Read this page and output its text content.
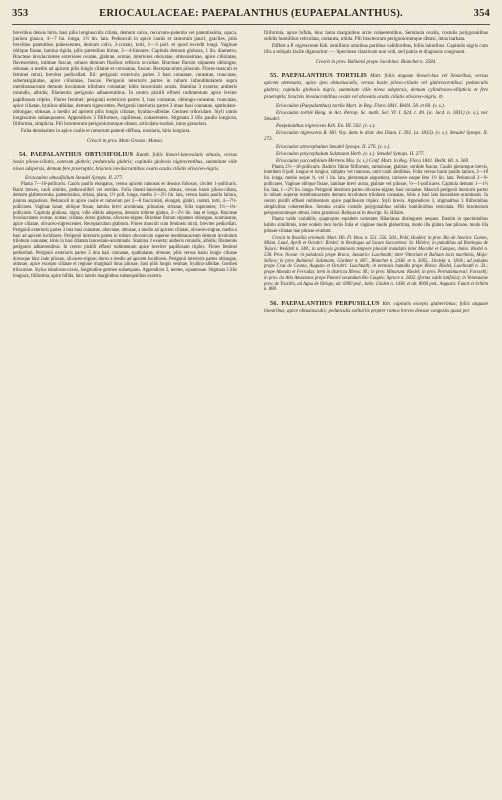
353	ERIOCAULACEAE: PAEPALANTHUS (EUPAEPALANTHUS).	354

breviibus densis hirta, basi pilis longiusculis ciliata, demum calva, recurvato-patentia vel patentissima, opaca, juniora glauca, 4—7 lin. longa, 1½ lin. lata. Pedunculi in apice caulis et ramorum pauci, graciles, pilis brevibus patentibus pubescentes, demum calvi, 3-costati, torti, 1—3 poll. et quod excedit longi. Vaginae oblique fissae, lamina rigida, pilis patentibus hirtae, 3—4-lineares. Capitula demum globosa, 1 lin. diametro. Bracteae involucrantes exteriores ovatae, glabrae, acutae, interiores obovatae, obtusissimae, apice ciliolatae, flavescentes, intimae fuscae, omnes demum floribus reflexis occultae. Bracteae florum stipantes oblongae, obtusae, a medio ad apicem pilis longis ciliatae et coronatae, fuscae. Receptaculum pilosum. Flores masculi et feminei mixti, breviter pedicellati. Ilii: perigonii exterioris partes 3 basi connatae, cuneatae, truncatae, subemarginatae, apice ciliolatae, fuscae. Perigonii interioris partes in tubum infundibularem supra membranaceum demum involutum trilobum connatae; lobis lanceolatis acutis. Stamina 3 exserta; antheris rotundis, albidis; filamentis perigonio adhaerentibus. In centro pistilli effoeti rudimentum apice leviter papillosum triplex. Flores feminei: perigonii exterioris partes 3, basi connatae, oblongo-cuneatae, truncatae, apice ciliatae, hyalino-albidae, demum rigescentes. Perigonii interioris partes 3 imae basi connatae, spathulato-oblongae, obtusae, a medio ad apicem pilis longis ciliatae, hyalino-albidae. Germen triloculare. Styli ramis longissimis subaequantes. Appendices 3 filiformes, capillosae, cohaerentes. Stigmata 3 illis paullo longiora, filiformia, simplicia. Pili bracteorum perigoniorumque obtusi, articulato-nodosi, intus granulosi.

Folia densissime in apice caulis et ramorum patenti-diffusa, rosulatis, biris longiora.

Crescit in prov. Mato Grosso: Manso.

54. PAEPALANTHUS OBTUSIFOLIUS Kunth. foliis lineari-lanceolatis obtusis, versus basin piloso-ciliatis, caterum glabris; pedunculis glabris; capitulis globosis nigrescentibus, summitate ville nivea adspersis, demum fere praeruptis; bracteis involucrantibus ovatis acutis ciliatis olivaceo-nigris.

Eriocaulon obtusifolium Steudel Synops. II. 277.

Planta 7—10-pollicaris. Caulis paullo elongatus, versus apicem ramosus et densius foliosus, circiter 1-pollicaris. Rami breves, cauli similes, pedunculiferi vel steriles. Folia lineari-lanceolata, obtusa, versus basin piloso-ciliata, demum glabrescentia, patentissima, striata, plana, 1½ poll. longa, medio 2—2½ lin. lata, versus basin paullo latiora, juniora angustiora. Pedunculi in apice caulis et ramorum per 2—8 fasciculati, elongati, glabri, costati, torti, 4—7½-pollicares. Vaginae laxae, oblique fissae, lamina brevi acuminata, pilosulae, striatae, folia superantes, 1½—1¾-pollicares. Capitula globosa, nigra, ville albido adspersa, demum inferne glabra, 2—2½ lin. lata et longa. Bracteae involucrantes ovatae, acutae, ciliatae, dorso glabrae, olivaceo-nigrae. Bracteae florum stipantes oblongae, acuminatae, apice ciliatae, olivaceo-nigrescentes. Receptaculum glabrum. Flores masculi cum femineis mixti, breviter pedicellati. Perigonii exterioris partes 3 ima basi connatae, obovatae, obtusae, a medio ad apicem ciliatae, olivaceo-nigrae, media a basi ad apicem lucidiores. Perigonii interioris partes in tubum obconicum superne membranaceum demum involutum trilobum connatae; lobis in basi dilatata lanceolato-acuminatis. Stamina 3 exserta; antheris rotundis, albidis; filamentis perigonio adhaerentibus. In centro pistilli effoeti rudimentum apice breviter papillosum triplex. Flores feminei pedicellati. Perigonii exterioris partes 3 ima basi connatae, spathulatae, obtusae, pilis versus basin longis ciliatae dorsoque hinc inde pilosae, olivaceo-nigrae; dorso a medio ad apicem lucidiores. Perigonii interioris partes oblongae, obtusae, apice excepto ciliatae et regione marginali intus pilosae, basi pilis longis vestitae, hyalino-albidae. Germen triloculare. Stylus tubulosus-cavus, longitudine germen subaequans. Appendices 3, teretes, squamosae. Stigmata 3 illis longiora, filiformia, apice bifida, hinc lateris marginibus subaequalibus exserta.

filiformia, apice bifida, hinc lanta marginibus arcte cohaerentibus. Seminula ovalia, costulis polygonalibus solidis humilibus reticulata, castanea, nitida. Pili bracteorum perigoniorumque obtusi, intus barbata.

Differt a P. nigrescente Kth. simillimo omnibus partibus validioribus, foliis latioribus. Capitulis nigris cum illis a reliquis facile dignoscitur. — Specimen classicum non vidi, sed patria et diagnosis congruunt.

Crescit in prov. Bahiensi prope Jacobina: Blanchet n. 3584.

55. PAEPALANTHUS TORTILIS Mart. foliis anguste lineari-bus vel linearibus, versus apicem attenuatis, apice ipso obtusiusculis, versus basin piloso-ciliatis vel glabrescentibus; pedunculis glabris; capitulis globosis nigris, summitate ville nivea adspersis, demum cylindraceo-ellipticis et fere praeruptis; bracteis involucrantibus ovatis vel obovatis acutis ciliatis olivaceo-nigris. ⊙

Eriocaulon (Paepalanthus) tortile Mart. in Reg. Flora 1841. Beibl. 58. et 60. (v. s.).

Eriocaulon tortile Bong. in Act. Petrop. Sc. math. Ser. VI. I. 624. t. 49. (ic. incd. n. 1831) (v. s.), nec Steudel.

Paepalanthus nigrescens Kth. En. III. 502. (v. s.).

Eriocaulon nigrescens R. Hil. Voy. dans le distr. des Diam. I. 392. (a. 1833). (v. s.). Steudel Synops. II. 273.

Eriocaulon atrocephalum Steudel Synops. II. 276. (v. s.).

Eriocaulon polycephalum Salzmann Herb. (v. s.). Steudel Synops. II. 277.

Eriocaulon yuccaefolium Mertens Mss. (v. s.) Conf. Mart. in Reg. Flora 1841. Beibl. 60. n. 560.

Planta 2½—10-pollicaris. Radicis fibrae filiformes, ramulosae, glabrae, sordide fuscae. Caulis plerumque brevis, interdum 8 poll. longus et longior, simplex vel ramosus, rami cauli similibus. Folia versus basin paullo latiora, 2—18 lin. longa, medio usque ⅓, vel 1 lin. lata, plerumque angustiora, rariusve usque fere 1½ lin. lata. Pedunculi 2—9-pollicares. Vaginae oblique fissae, laminae brevi acuta, glabrae vel pilosae, ½—1-pollicares. Capitula demum 1—1½ lin. lata, 1—2½ lin. longa. Perigonii interioris partes olivaceo-nigrae, basi connatae. Masculi perigonii interioris partes in tubum superne membranaceum demum involutum trilobum connatae, lobis e basi lata lanceolato-acuminatis. In centro pistilli effoeti rudimentum apice papillosum triplex. Styli brevis. Appendices 3, stigmatibus 3 filiformibus simplicibus coherentibus. Semina ovalia costulis polygonalibus solidis humilioribus reticulata. Pili bracteorum perigoniorumque obtusi, intus granulosi. Reliqua ut in descript. St. Hilaire.

Planta valde variabilis, quapropter equidem varietates Hilarianas distinguere nequeo. Etenim in speciminibus habitu simillimis, inter eodem loco lectis folia et vaginae modo glaberrima, modo illa glabra hae pilosae, modo illa pilosae-ciliatae hae pilosae evadunt.

Crescit in Brasilia orientali: Mart. Hb. Fl. Bras. n. 551. 556. 560., Pohl, Houllet; in prov. Rio de Janeiro: Gomes, Milan, Lund, Aprili et Octobri: Riedel; in Restingas ad Iacum Saccarema: St. Hilaire; in paludibus ad Restingas de Tejuco: Weddell n. 348.; in arenosis graminosis tempore pluviali inundatis inter Macahé et Campos, Junio: Riedel n. 538. Prov. Novae: in paludosis prope Braca, Januario: Luschnath; inter Vittoriam et Bahiam locis maritimis, Majo: Sellow; in prov. Bahiensi: Salzmann, Gardner n. 807., Blanchet n. 2438. et n. 3065., Lhotsky n. 1818.; ad paludes prope Cruz de Cosma, Augusto et Octobri: Luschnath; in arenosis humidis prope Ilheos: Riedel, Luschnath n. 33.; prope Almada et Ferradas, item in districtu Ilheos: M.; in prov. Minarum: Riedel; in prov. Pernambucensi: Forsselli; in prov. do Alto Amazonas prope Panuré secundum Rio Caupés: Spruce n. 2602. (forma valde latifolia); in Venezuelae prov. de Truxillo, ad Agua de Obispo, alt. 6000 ped., Julio: Linden n. 1438. et alt. 8000 ped., Augusto: Funck et Schlim n. 808.

56. PAEPALANTHUS PERPUSILLUS Kth. capitulis excepis glaberrimus; foliis anguste linearibus, apice obtusiusculis; pedunculis solitariis propter ramos breves densae congestis quasi per
